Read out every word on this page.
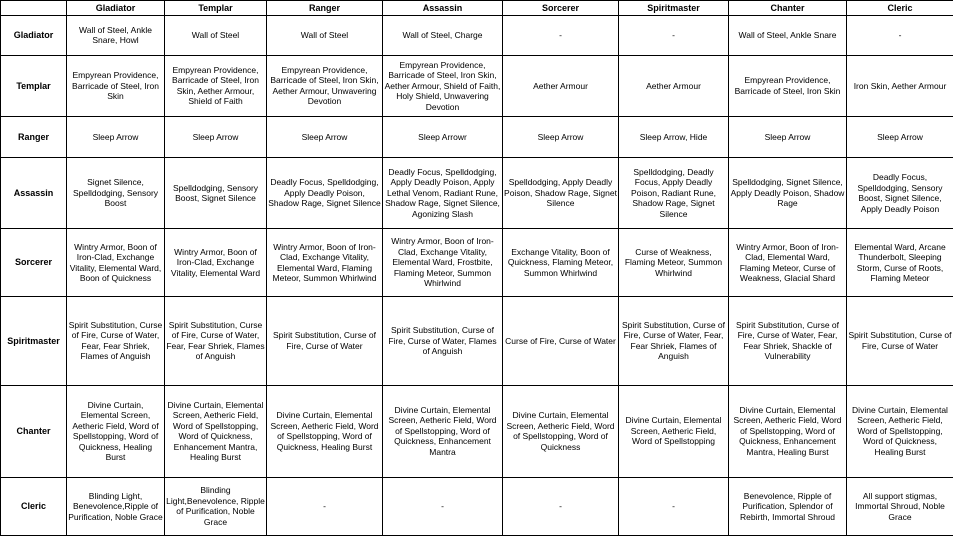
	Gladiator	Templar	Ranger	Assassin	Sorcerer	Spiritmaster	Chanter	Cleric
Gladiator	Wall of Steel, Ankle Snare, Howl	Wall of Steel	Wall of Steel	Wall of Steel, Charge	-	-	Wall of Steel, Ankle Snare	-
Templar	Empyrean Providence, Barricade of Steel, Iron Skin	Empyrean Providence, Barricade of Steel, Iron Skin, Aether Armour, Shield of Faith	Empyrean Providence, Barricade of Steel, Iron Skin, Aether Armour, Unwavering Devotion	Empyrean Providence, Barricade of Steel, Iron Skin, Aether Armour, Shield of Faith, Holy Shield, Unwavering Devotion	Aether Armour	Aether Armour	Empyrean Providence, Barricade of Steel, Iron Skin	Iron Skin, Aether Armour
Ranger	Sleep Arrow	Sleep Arrow	Sleep Arrow	Sleep Arrowr	Sleep Arrow	Sleep Arrow, Hide	Sleep Arrow	Sleep Arrow
Assassin	Signet Silence, Spelldodging, Sensory Boost	Spelldodging, Sensory Boost, Signet Silence	Deadly Focus, Spelldodging, Apply Deadly Poison, Shadow Rage, Signet Silence	Deadly Focus, Spelldodging, Apply Deadly Poison, Apply Lethal Venom, Radiant Rune, Shadow Rage, Signet Silence, Agonizing Slash	Spelldodging, Apply Deadly Poison, Shadow Rage, Signet Silence	Spelldodging, Deadly Focus, Apply Deadly Poison, Radiant Rune, Shadow Rage, Signet Silence	Spelldodging, Signet Silence, Apply Deadly Poison, Shadow Rage	Deadly Focus, Spelldodging, Sensory Boost, Signet Silence, Apply Deadly Poison
Sorcerer	Wintry Armor, Boon of Iron-Clad, Exchange Vitality, Elemental Ward, Boon of Quickness	Wintry Armor, Boon of Iron-Clad, Exchange Vitality, Elemental Ward	Wintry Armor, Boon of Iron-Clad, Exchange Vitality, Elemental Ward, Flaming Meteor, Summon Whirlwind	Wintry Armor, Boon of Iron-Clad, Exchange Vitality, Elemental Ward, Frostbite, Flaming Meteor, Summon Whirlwind	Exchange Vitality, Boon of Quickness, Flaming Meteor, Summon Whirlwind	Curse of Weakness, Flaming Meteor, Summon Whirlwind	Wintry Armor, Boon of Iron-Clad, Elemental Ward, Flaming Meteor, Curse of Weakness, Glacial Shard	Elemental Ward, Arcane Thunderbolt, Sleeping Storm, Curse of Roots, Flaming Meteor
Spiritmaster	Spirit Substitution, Curse of Fire, Curse of Water, Fear, Fear Shriek, Flames of Anguish	Spirit Substitution, Curse of Fire, Curse of Water, Fear, Fear Shriek, Flames of Anguish	Spirit Substitution, Curse of Fire, Curse of Water	Spirit Substitution, Curse of Fire, Curse of Water, Flames of Anguish	Curse of Fire, Curse of Water	Spirit Substitution, Curse of Fire, Curse of Water, Fear, Fear Shriek, Flames of Anguish	Spirit Substitution, Curse of Fire, Curse of Water, Fear, Fear Shriek, Shackle of Vulnerability	Spirit Substitution, Curse of Fire, Curse of Water
Chanter	Divine Curtain, Elemental Screen, Aetheric Field, Word of Spellstopping, Word of Quickness, Healing Burst	Divine Curtain, Elemental Screen, Aetheric Field, Word of Spellstopping, Word of Quickness, Enhancement Mantra, Healing Burst	Divine Curtain, Elemental Screen, Aetheric Field, Word of Spellstopping, Word of Quickness, Healing Burst	Divine Curtain, Elemental Screen, Aetheric Field, Word of Spellstopping, Word of Quickness, Enhancement Mantra	Divine Curtain, Elemental Screen, Aetheric Field, Word of Spellstopping, Word of Quickness	Divine Curtain, Elemental Screen, Aetheric Field, Word of Spellstopping	Divine Curtain, Elemental Screen, Aetheric Field, Word of Spellstopping, Word of Quickness, Enhancement Mantra, Healing Burst	Divine Curtain, Elemental Screen, Aetheric Field, Word of Spellstopping, Word of Quickness, Healing Burst
Cleric	Blinding Light, Benevolence,Ripple of Purification, Noble Grace	Blinding Light,Benevolence, Ripple of Purification, Noble Grace	-	-	-	-	Benevolence, Ripple of Purification, Splendor of Rebirth, Immortal Shroud	All support stigmas, Immortal Shroud, Noble Grace
